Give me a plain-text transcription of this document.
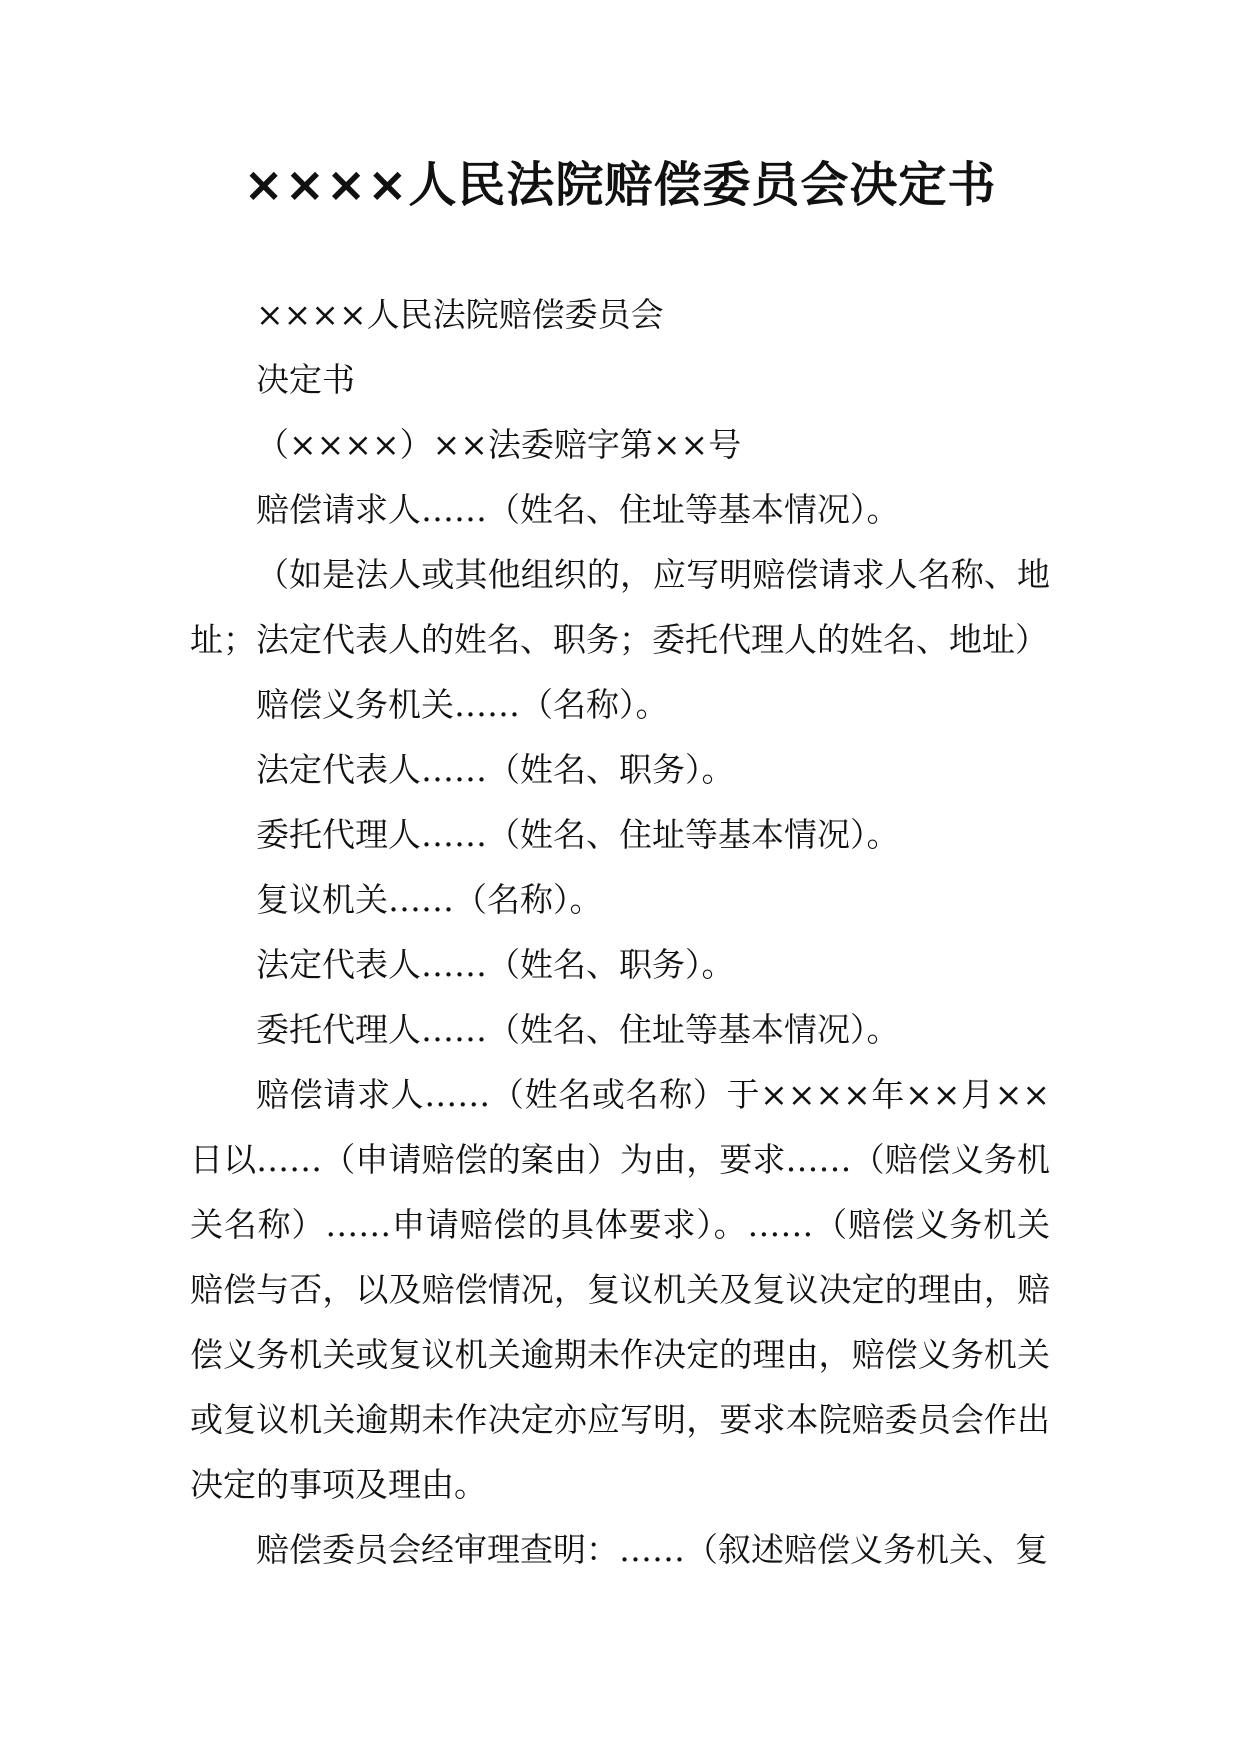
××××人民法院赔偿委员会决定书

××××人民法院赔偿委员会

决定书

（××××）××法委赔字第××号

赔偿请求人……（姓名、住址等基本情况）。

（如是法人或其他组织的，应写明赔偿请求人名称、地址；法定代表人的姓名、职务；委托代理人的姓名、地址）

赔偿义务机关……（名称）。

法定代表人……（姓名、职务）。

委托代理人……（姓名、住址等基本情况）。

复议机关……（名称）。

法定代表人……（姓名、职务）。

委托代理人……（姓名、住址等基本情况）。

赔偿请求人……（姓名或名称）于××××年××月××日以……（申请赔偿的案由）为由，要求……（赔偿义务机关名称）……申请赔偿的具体要求）。……（赔偿义务机关赔偿与否，以及赔偿情况，复议机关及复议决定的理由，赔偿义务机关或复议机关逾期未作决定的理由，赔偿义务机关或复议机关逾期未作决定亦应写明，要求本院赔委员会作出决定的事项及理由。

赔偿委员会经审理查明：……（叙述赔偿义务机关、复
